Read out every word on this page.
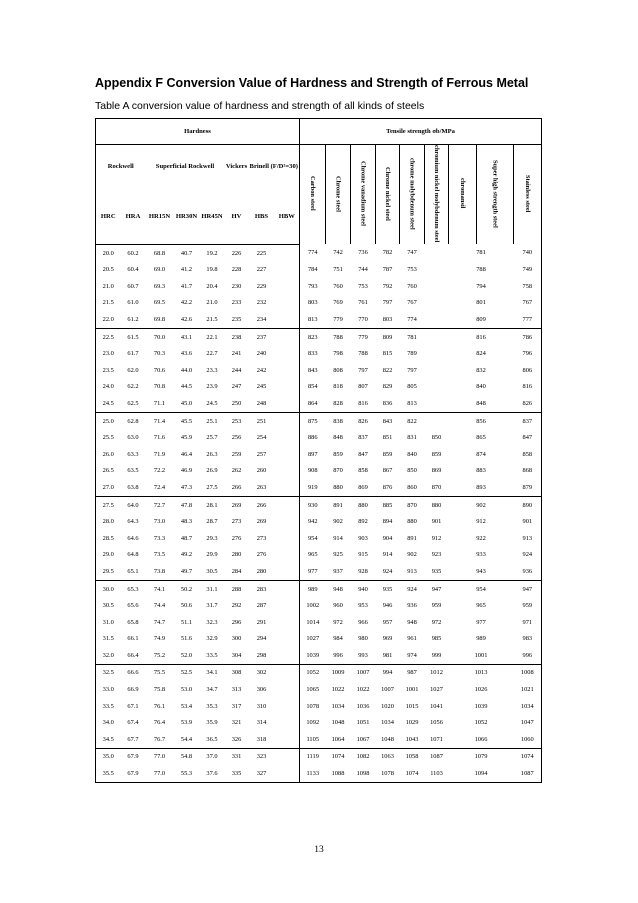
Appendix F Conversion Value of Hardness and Strength of Ferrous Metal
Table A conversion value of hardness and strength of all kinds of steels
Hardness								Tensile strength σb/MPa								
Rockwell		Superficial Rockwell			Vickers	Brinell (F/D²=30)		Carbon steel	Chrome steel	Chrome vanadium steel	Chrome nickel steel	chrome molybdenum steel	chromium nickel molybdenum steel	chromansil	Super high strength steel	Stainless steel
HRC	HRA	HR15N	HR30N	HR45N	HV	HBS	HBW									
20.0	60.2	68.8	40.7	19.2	226	225		774	742	736	782	747		781		740
20.5	60.4	69.0	41.2	19.8	228	227		784	751	744	787	753		788		749
21.0	60.7	69.3	41.7	20.4	230	229		793	760	753	792	760		794		758
21.5	61.0	69.5	42.2	21.0	233	232		803	769	761	797	767		801		767
22.0	61.2	69.8	42.6	21.5	235	234		813	779	770	803	774		809		777
22.5	61.5	70.0	43.1	22.1	238	237		823	788	779	809	781		816		786
23.0	61.7	70.3	43.6	22.7	241	240		833	798	788	815	789		824		796
23.5	62.0	70.6	44.0	23.3	244	242		843	808	797	822	797		832		806
24.0	62.2	70.8	44.5	23.9	247	245		854	818	807	829	805		840		816
24.5	62.5	71.1	45.0	24.5	250	248		864	828	816	836	813		848		826
25.0	62.8	71.4	45.5	25.1	253	251		875	838	826	843	822		856		837
25.5	63.0	71.6	45.9	25.7	256	254		886	848	837	851	831	850	865		847
26.0	63.3	71.9	46.4	26.3	259	257		897	859	847	859	840	859	874		858
26.5	63.5	72.2	46.9	26.9	262	260		908	870	858	867	850	869	883		868
27.0	63.8	72.4	47.3	27.5	266	263		919	880	869	876	860	870	893		879
27.5	64.0	72.7	47.8	28.1	269	266		930	891	880	885	870	880	902		890
28.0	64.3	73.0	48.3	28.7	273	269		942	902	892	894	880	901	912		901
28.5	64.6	73.3	48.7	29.3	276	273		954	914	903	904	891	912	922		913
29.0	64.8	73.5	49.2	29.9	280	276		965	925	915	914	902	923	933		924
29.5	65.1	73.8	49.7	30.5	284	280		977	937	928	924	913	935	943		936
30.0	65.3	74.1	50.2	31.1	288	283		989	948	940	935	924	947	954		947
30.5	65.6	74.4	50.6	31.7	292	287		1002	960	953	946	936	959	965		959
31.0	65.8	74.7	51.1	32.3	296	291		1014	972	966	957	948	972	977		971
31.5	66.1	74.9	51.6	32.9	300	294		1027	984	980	969	961	985	989		983
32.0	66.4	75.2	52.0	33.5	304	298		1039	996	993	981	974	999	1001		996
32.5	66.6	75.5	52.5	34.1	308	302		1052	1009	1007	994	987	1012	1013		1008
33.0	66.9	75.8	53.0	34.7	313	306		1065	1022	1022	1007	1001	1027	1026		1021
33.5	67.1	76.1	53.4	35.3	317	310		1078	1034	1036	1020	1015	1041	1039		1034
34.0	67.4	76.4	53.9	35.9	321	314		1092	1048	1051	1034	1029	1056	1052		1047
34.5	67.7	76.7	54.4	36.5	326	318		1105	1064	1067	1048	1043	1071	1066		1060
35.0	67.9	77.0	54.8	37.0	331	323		1119	1074	1082	1063	1058	1087	1079		1074
35.5	67.9	77.0	55.3	37.6	335	327		1133	1088	1098	1078	1074	1103	1094		1087
13
